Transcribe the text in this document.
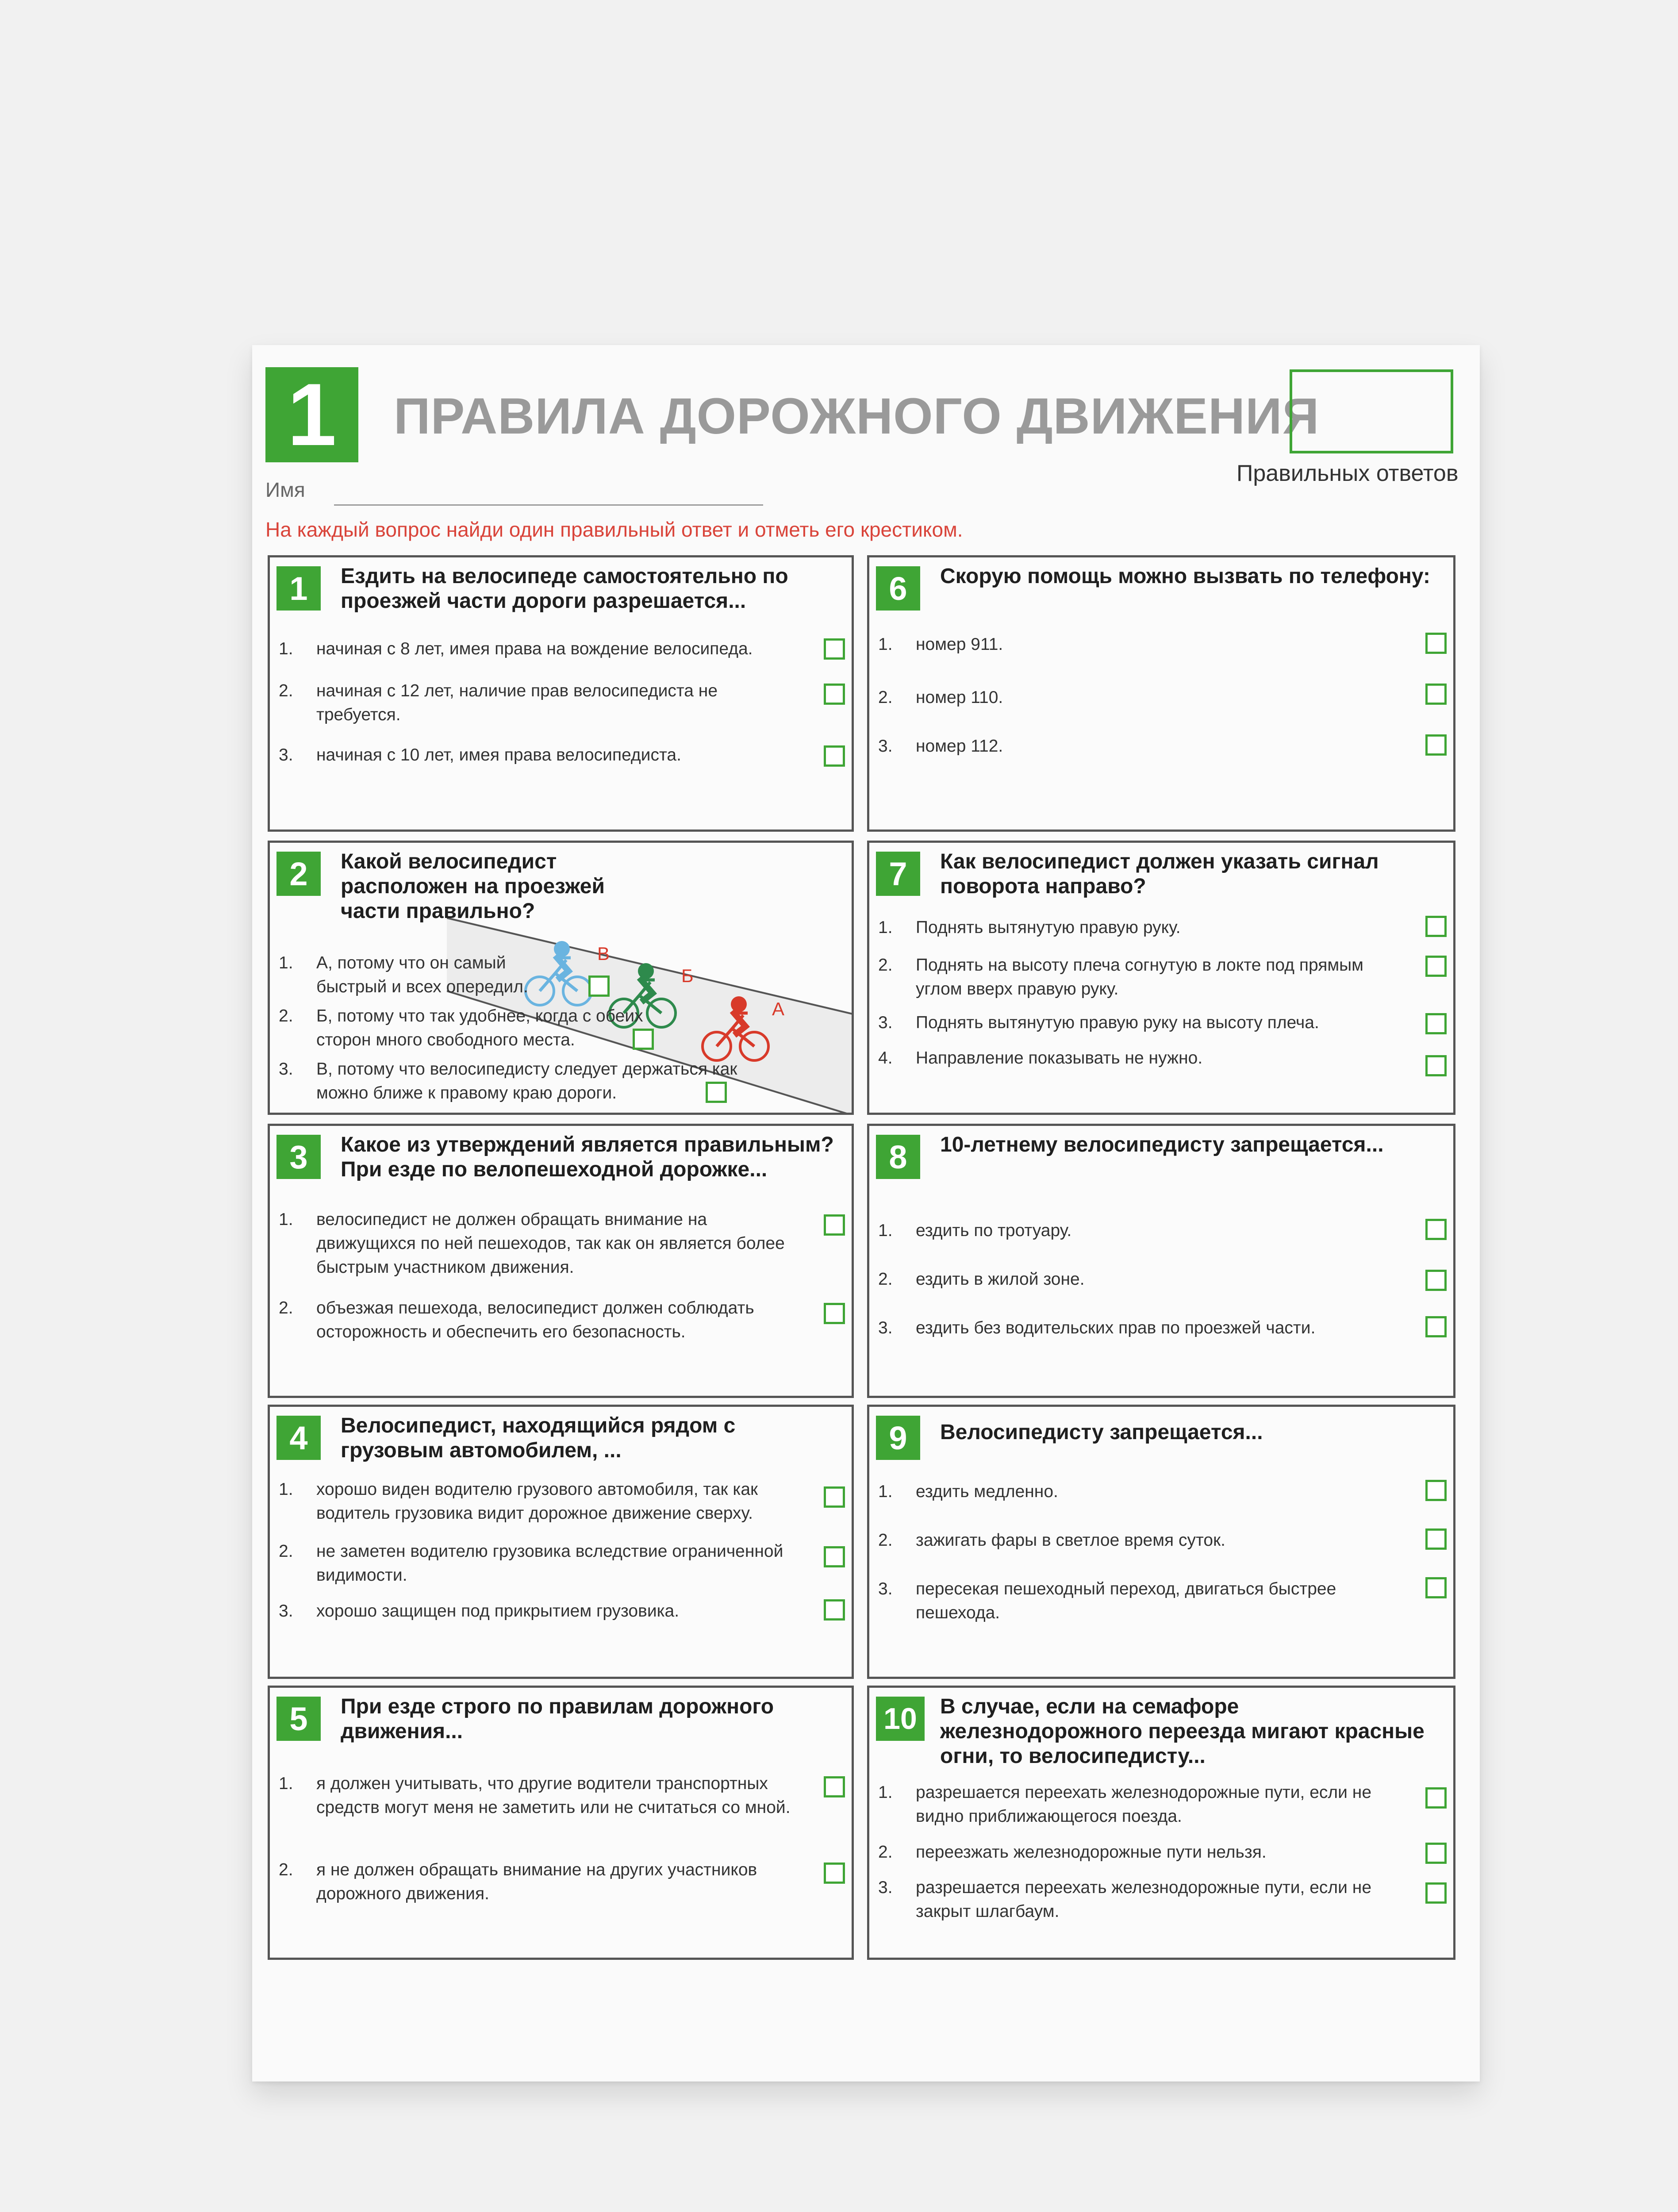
1	ПРАВИЛА ДОРОЖНОГО ДВИЖЕНИЯ
Правильных ответов
Имя
На каждый вопрос найди один правильный ответ и отметь его крестиком.
1	Ездить на велосипеде самостоятельно по проезжей части дороги разрешается...
1.	начиная с 8 лет, имея права на вождение велосипеда.
2.	начиная с 12 лет, наличие прав велосипедиста не требуется.
3.	начиная с 10 лет, имея права велосипедиста.
В
Б
А
2	Какой велосипедист расположен на проезжей части правильно?
1.	А, потому что он самый быстрый и всех опередил.
2.	Б, потому что так удобнее, когда с обеих сторон много свободного места.
3.	В, потому что велосипедисту следует держаться как можно ближе к правому краю дороги.
3	Какое из утверждений является правильным? При езде по велопешеходной дорожке...
1.	велосипедист не должен обращать внимание на движущихся по ней пешеходов, так как он является более быстрым участником движения.
2.	объезжая пешехода, велосипедист должен соблюдать осторожность и обеспечить его безопасность.
4	Велосипедист, находящийся рядом с грузовым автомобилем, ...
1.	хорошо виден водителю грузового автомобиля, так как водитель грузовика видит дорожное движение сверху.
2.	не заметен водителю грузовика вследствие ограниченной видимости.
3.	хорошо защищен под прикрытием грузовика.
5	При езде строго по правилам дорожного движения...
1.	я должен учитывать, что другие водители транспортных средств могут меня не заметить или не считаться со мной.
2.	я не должен обращать внимание на других участников дорожного движения.
6	Скорую помощь можно вызвать по телефону:
1.	номер 911.
2.	номер 110.
3.	номер 112.
7	Как велосипедист должен указать сигнал поворота направо?
1.	Поднять вытянутую правую руку.
2.	Поднять на высоту плеча согнутую в локте под прямым углом вверх правую руку.
3.	Поднять вытянутую правую руку на высоту плеча.
4.	Направление показывать не нужно.
8	10-летнему велосипедисту запрещается...
1.	ездить по тротуару.
2.	ездить в жилой зоне.
3.	ездить без водительских прав по проезжей части.
9	Велосипедисту запрещается...
1.	ездить медленно.
2.	зажигать фары в светлое время суток.
3.	пересекая пешеходный переход, двигаться быстрее пешехода.
10	В случае, если на семафоре железнодорожного переезда мигают красные огни, то велосипедисту...
1.	разрешается переехать железнодорожные пути, если не видно приближающегося поезда.
2.	переезжать железнодорожные пути нельзя.
3.	разрешается переехать железнодорожные пути, если не закрыт шлагбаум.
